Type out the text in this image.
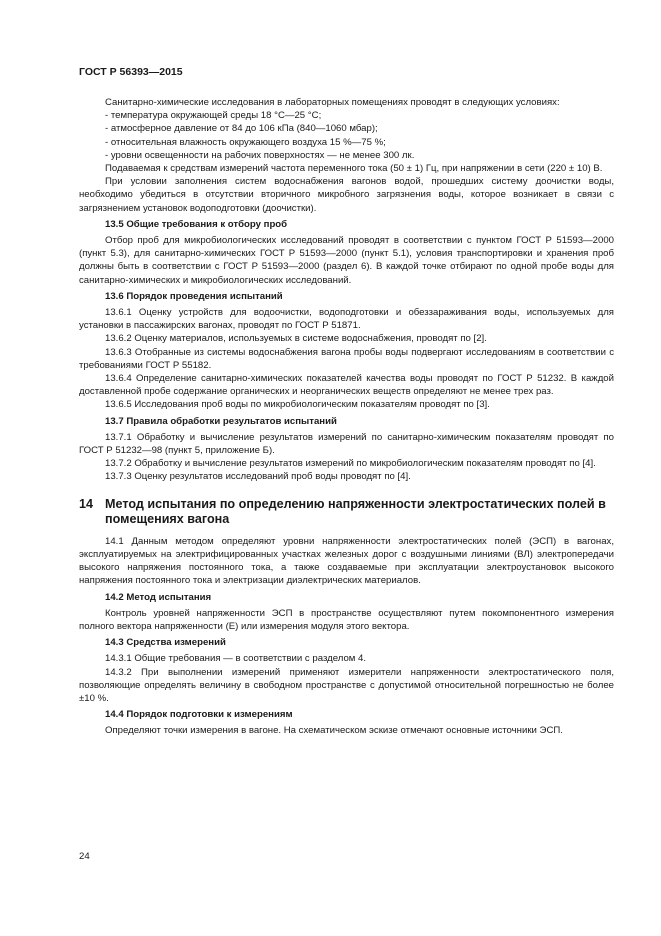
ГОСТ Р 56393—2015

Санитарно-химические исследования в лабораторных помещениях проводят в следующих условиях:

- температура окружающей среды 18 °С—25 °С;

- атмосферное давление от 84 до 106 кПа (840—1060 мбар);

- относительная влажность окружающего воздуха 15 %—75 %;

- уровни освещенности на рабочих поверхностях — не менее 300 лк.

Подаваемая к средствам измерений частота переменного тока (50 ± 1) Гц, при напряжении в сети (220 ± 10) В.

При условии заполнения систем водоснабжения вагонов водой, прошедших систему доочистки воды, необходимо убедиться в отсутствии вторичного микробного загрязнения воды, которое возникает в связи с загрязнением установок водоподготовки (доочистки).

13.5 Общие требования к отбору проб

Отбор проб для микробиологических исследований проводят в соответствии с пунктом ГОСТ Р 51593—2000 (пункт 5.3), для санитарно-химических ГОСТ Р 51593—2000 (пункт 5.1), условия транспортировки и хранения проб должны быть в соответствии с ГОСТ Р 51593—2000 (раздел 6). В каждой точке отбирают по одной пробе воды для санитарно-химических и микробиологических исследований.

13.6 Порядок проведения испытаний

13.6.1 Оценку устройств для водоочистки, водоподготовки и обеззараживания воды, используемых для установки в пассажирских вагонах, проводят по ГОСТ Р 51871.

13.6.2 Оценку материалов, используемых в системе водоснабжения, проводят по [2].

13.6.3 Отобранные из системы водоснабжения вагона пробы воды подвергают исследованиям в соответствии с требованиями ГОСТ Р 55182.

13.6.4 Определение санитарно-химических показателей качества воды проводят по ГОСТ Р 51232. В каждой доставленной пробе содержание органических и неорганических веществ определяют не менее трех раз.

13.6.5 Исследования проб воды по микробиологическим показателям проводят по [3].

13.7 Правила обработки результатов испытаний

13.7.1 Обработку и вычисление результатов измерений по санитарно-химическим показателям проводят по ГОСТ Р 51232—98 (пункт 5, приложение Б).

13.7.2 Обработку и вычисление результатов измерений по микробиологическим показателям проводят по [4].

13.7.3 Оценку результатов исследований проб воды проводят по [4].

14 Метод испытания по определению напряженности электростатических полей в помещениях вагона

14.1 Данным методом определяют уровни напряженности электростатических полей (ЭСП) в вагонах, эксплуатируемых на электрифицированных участках железных дорог с воздушными линиями (ВЛ) электропередачи высокого напряжения постоянного тока, а также создаваемые при эксплуатации электроустановок высокого напряжения постоянного тока и электризации диэлектрических материалов.

14.2 Метод испытания

Контроль уровней напряженности ЭСП в пространстве осуществляют путем покомпонентного измерения полного вектора напряженности (E) или измерения модуля этого вектора.

14.3 Средства измерений

14.3.1 Общие требования — в соответствии с разделом 4.

14.3.2 При выполнении измерений применяют измерители напряженности электростатического поля, позволяющие определять величину в свободном пространстве с допустимой относительной погрешностью не более ±10 %.

14.4 Порядок подготовки к измерениям

Определяют точки измерения в вагоне. На схематическом эскизе отмечают основные источники ЭСП.

24
